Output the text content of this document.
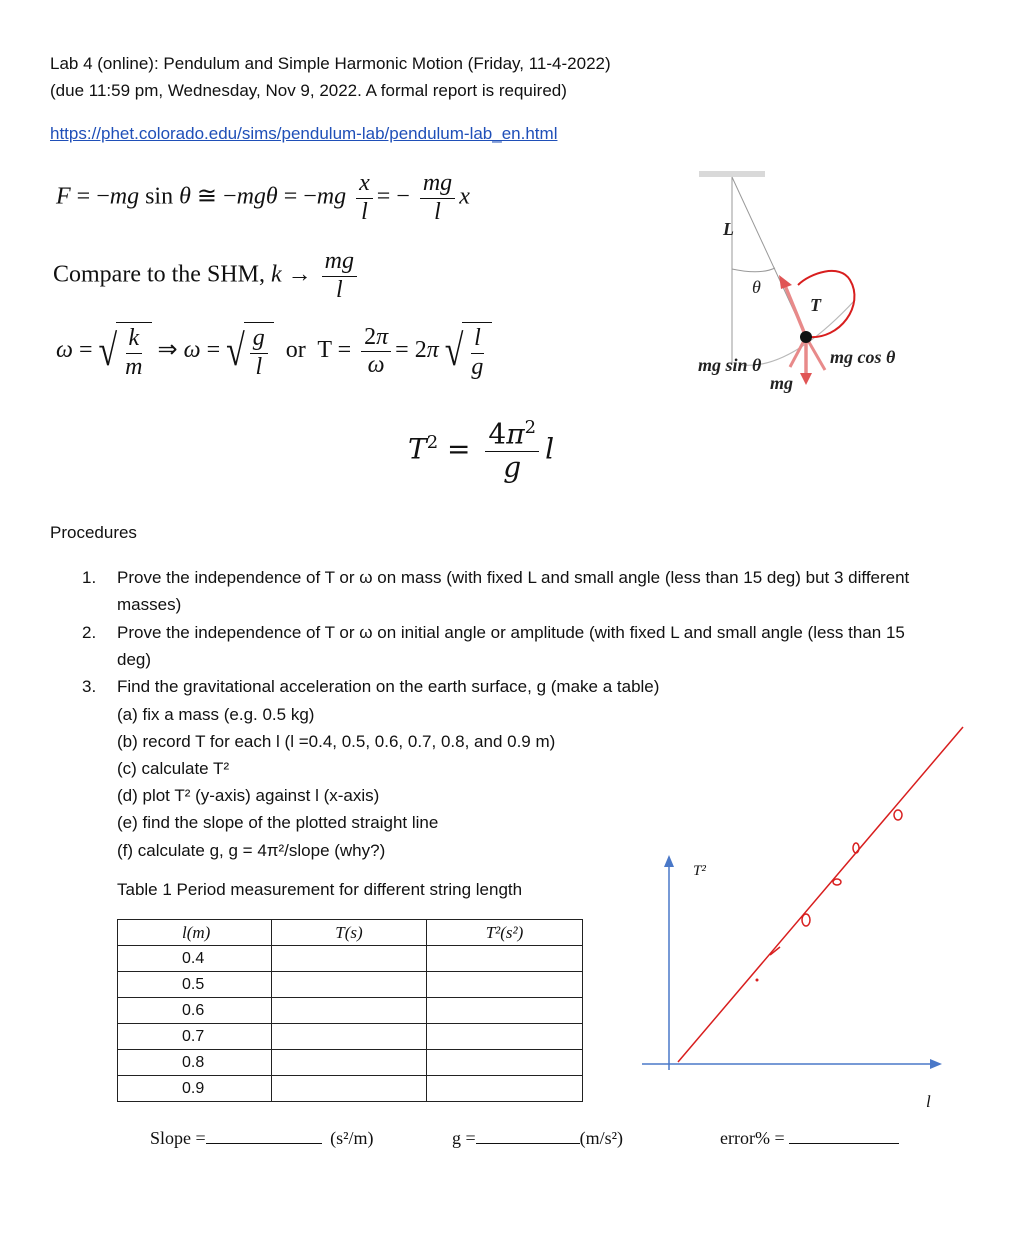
Lab 4 (online): Pendulum and Simple Harmonic Motion (Friday, 11-4-2022)
(due 11:59 pm, Wednesday, Nov 9, 2022. A formal report is required)
https://phet.colorado.edu/sims/pendulum-lab/pendulum-lab_en.html
F = −mg sin θ ≅ $-mg\theta = -mg \frac{x}{l}$ = − $\frac{mg}{l}$ x
Compare to the SHM, $k \to \frac{mg}{l}$
ω = √ $\frac{k}{m}$ ⇒ ω = √ $\frac{g}{l}$ or  $T = \frac{2\pi}{\omega} = 2\pi$ √ $\frac{l}{g}$
$T^2 = \frac{4\pi^2}{g}$ l
L
θ
T
mg sin θ
mg
mg cos θ
Procedures
1.	Prove the independence of T or ω on mass (with fixed L and small angle (less than 15 deg) but 3 different masses)
2.	Prove the independence of T or ω on initial angle or amplitude (with fixed L and small angle (less than 15 deg)
3.	Find the gravitational acceleration on the earth surface, g (make a table)
(a) fix a mass (e.g. 0.5 kg)
(b) record T for each l (l =0.4, 0.5, 0.6, 0.7, 0.8, and 0.9 m)
(c) calculate T²
(d) plot T² (y-axis) against l (x-axis)
(e) find the slope of the plotted straight line
(f) calculate g, g = 4π²/slope (why?)
Table 1 Period measurement for different string length
l(m)	T(s)	T²(s²)
0.4		
0.5		
0.6		
0.7		
0.8		
0.9		
T²
l
Slope =	(s²/m)	g =	(m/s²)	error% =
